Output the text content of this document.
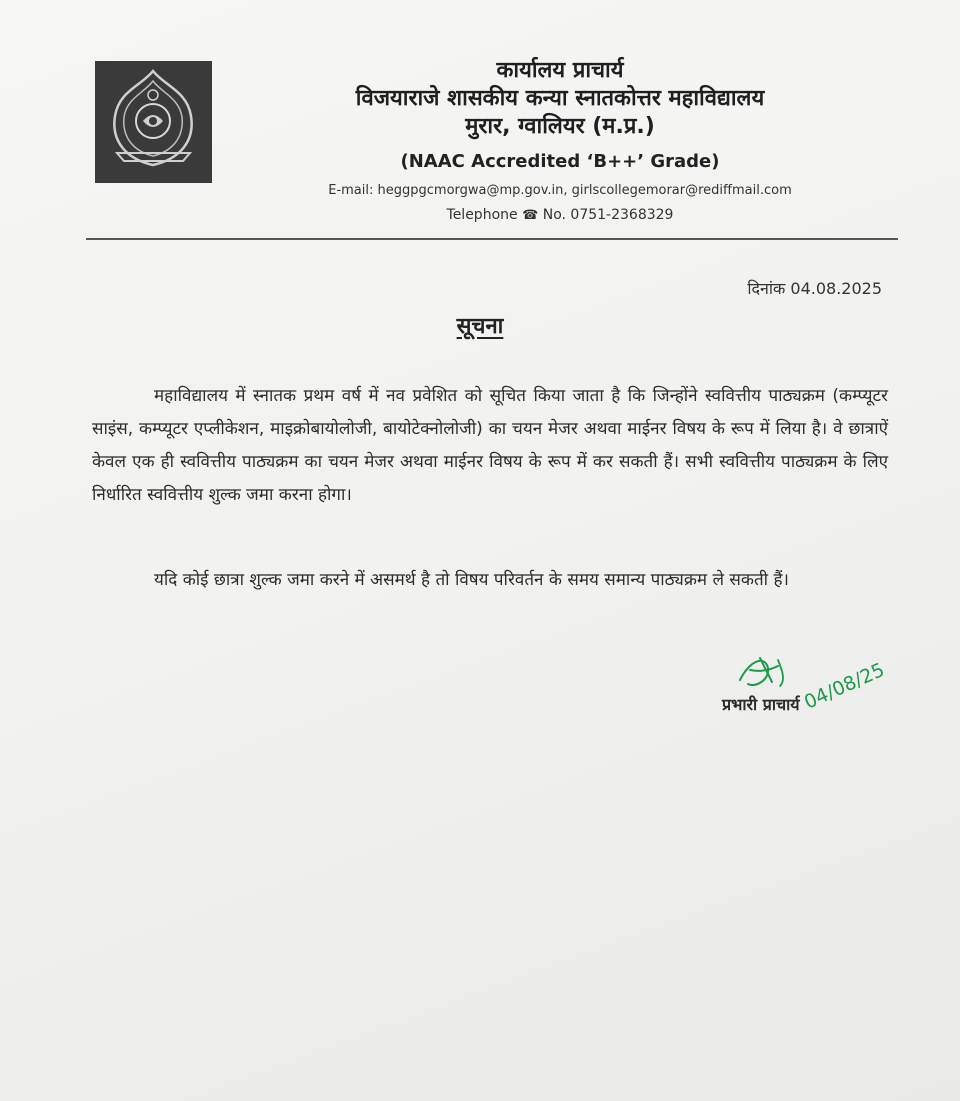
कार्यालय प्राचार्य
विजयाराजे शासकीय कन्या स्नातकोत्तर महाविद्यालय
मुरार, ग्वालियर (म.प्र.)
(NAAC Accredited ‘B++’ Grade)
E-mail: heggpgcmorgwa@mp.gov.in, girlscollegemorar@rediffmail.com
Telephone ☎ No. 0751-2368329
दिनांक 04.08.2025
सूचना

महाविद्यालय में स्नातक प्रथम वर्ष में नव प्रवेशित को सूचित किया जाता है कि जिन्होंने स्ववित्तीय पाठ्यक्रम (कम्प्यूटर साइंस, कम्प्यूटर एप्लीकेशन, माइक्रोबायोलोजी, बायोटेक्नोलोजी) का चयन मेजर अथवा माईनर विषय के रूप में लिया है। वे छात्राऐं केवल एक ही स्ववित्तीय पाठ्यक्रम का चयन मेजर अथवा माईनर विषय के रूप में कर सकती हैं। सभी स्ववित्तीय पाठ्यक्रम के लिए निर्धारित स्ववित्तीय शुल्क जमा करना होगा।

यदि कोई छात्रा शुल्क जमा करने में असमर्थ है तो विषय परिवर्तन के समय समान्य पाठ्यक्रम ले सकती हैं।

04/08/25
प्रभारी प्राचार्य
